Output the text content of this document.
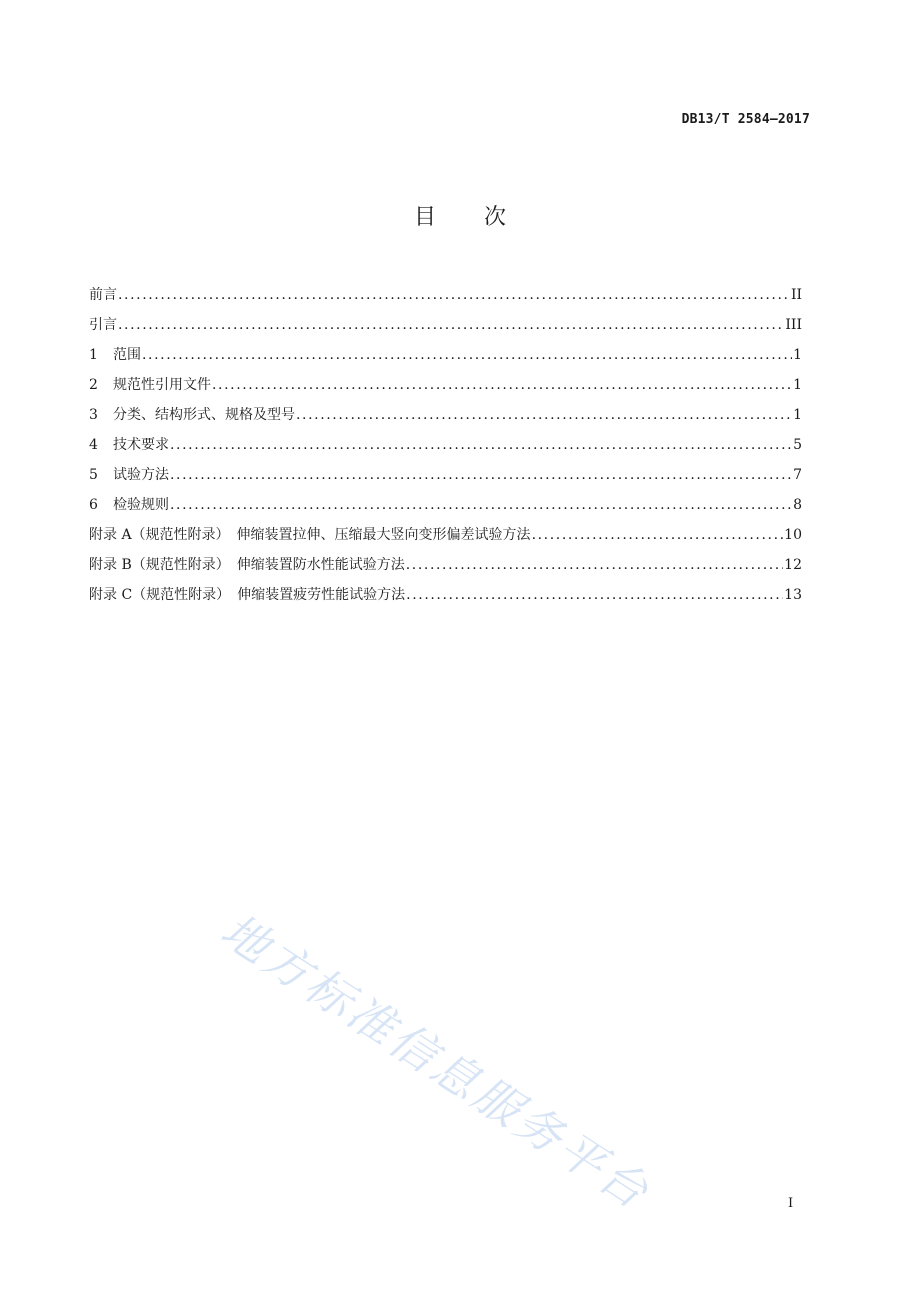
DB13/T 2584—2017
目次
前言 .....	II
引言 .....	III
1	范围 .....	1
2	规范性引用文件 .....	1
3	分类、结构形式、规格及型号 .....	1
4	技术要求 .....	5
5	试验方法 .....	7
6	检验规则 .....	8
附录 A（规范性附录）　伸缩装置拉伸、压缩最大竖向变形偏差试验方法 .....	10
附录 B（规范性附录）　伸缩装置防水性能试验方法 .....	12
附录 C（规范性附录）　伸缩装置疲劳性能试验方法 .....	13
地方标准信息服务平台	I
